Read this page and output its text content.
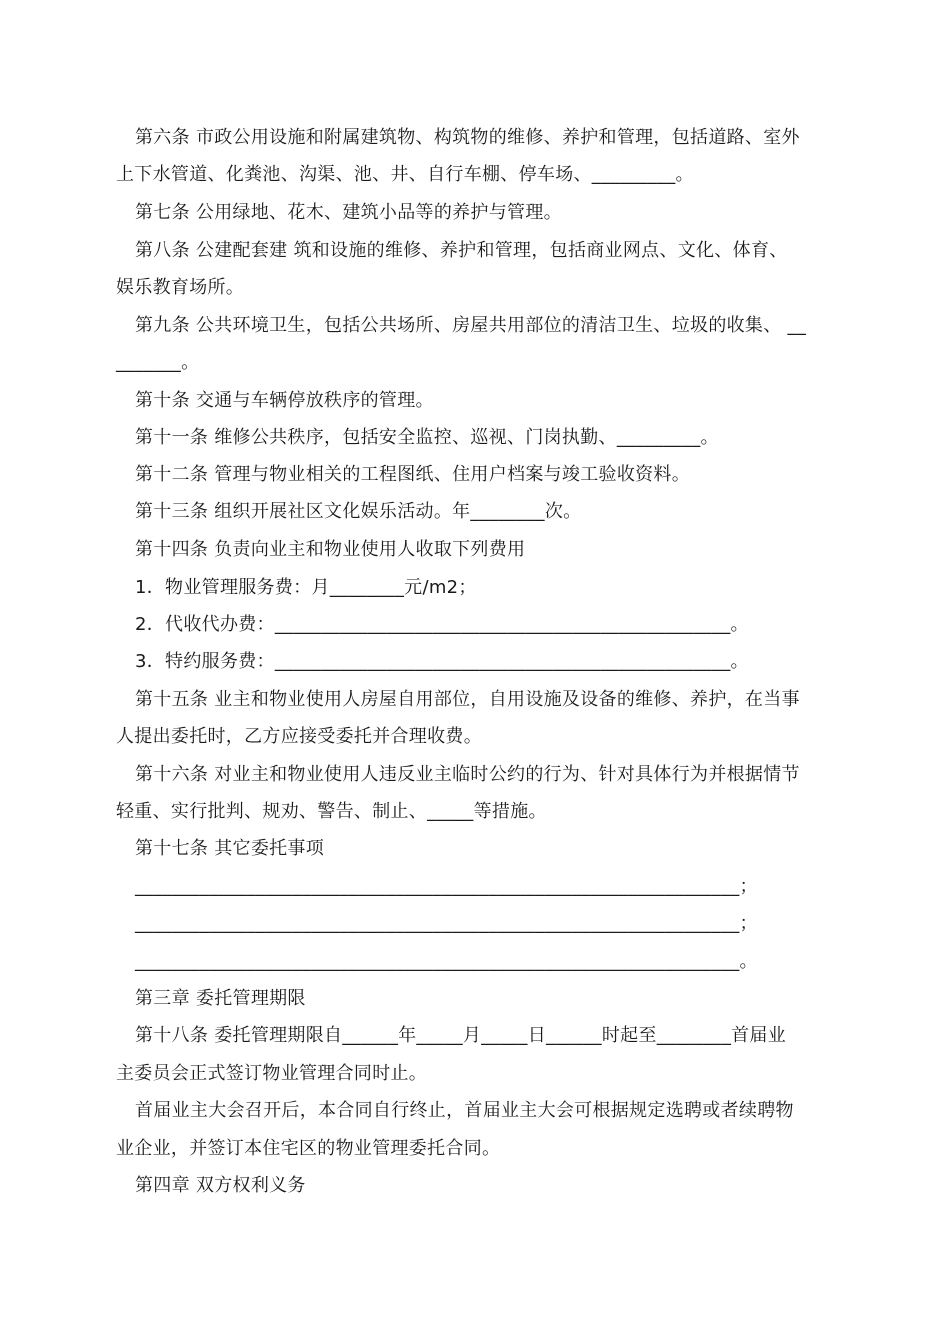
第六条 市政公用设施和附属建筑物、构筑物的维修、养护和管理，包括道路、室外
上下水管道、化粪池、沟渠、池、井、自行车棚、停车场、_________。
第七条 公用绿地、花木、建筑小品等的养护与管理。
第八条 公建配套建 筑和设施的维修、养护和管理，包括商业网点、文化、体育、
娱乐教育场所。
第九条 公共环境卫生，包括公共场所、房屋共用部位的清洁卫生、垃圾的收集、 __
_______。
第十条 交通与车辆停放秩序的管理。
第十一条 维修公共秩序，包括安全监控、巡视、门岗执勤、_________。
第十二条 管理与物业相关的工程图纸、住用户档案与竣工验收资料。
第十三条 组织开展社区文化娱乐活动。年________次。
第十四条 负责向业主和物业使用人收取下列费用
1．物业管理服务费：月________元/m2；
2．代收代办费：_________________________________________________。
3．特约服务费：_________________________________________________。
第十五条 业主和物业使用人房屋自用部位，自用设施及设备的维修、养护，在当事
人提出委托时，乙方应接受委托并合理收费。
第十六条 对业主和物业使用人违反业主临时公约的行为、针对具体行为并根据情节
轻重、实行批判、规劝、警告、制止、_____等措施。
第十七条 其它委托事项
_________________________________________________________________；
_________________________________________________________________；
_________________________________________________________________。
第三章 委托管理期限
第十八条 委托管理期限自______年_____月_____日______时起至________首届业
主委员会正式签订物业管理合同时止。
首届业主大会召开后，本合同自行终止，首届业主大会可根据规定选聘或者续聘物
业企业，并签订本住宅区的物业管理委托合同。
第四章 双方权利义务
